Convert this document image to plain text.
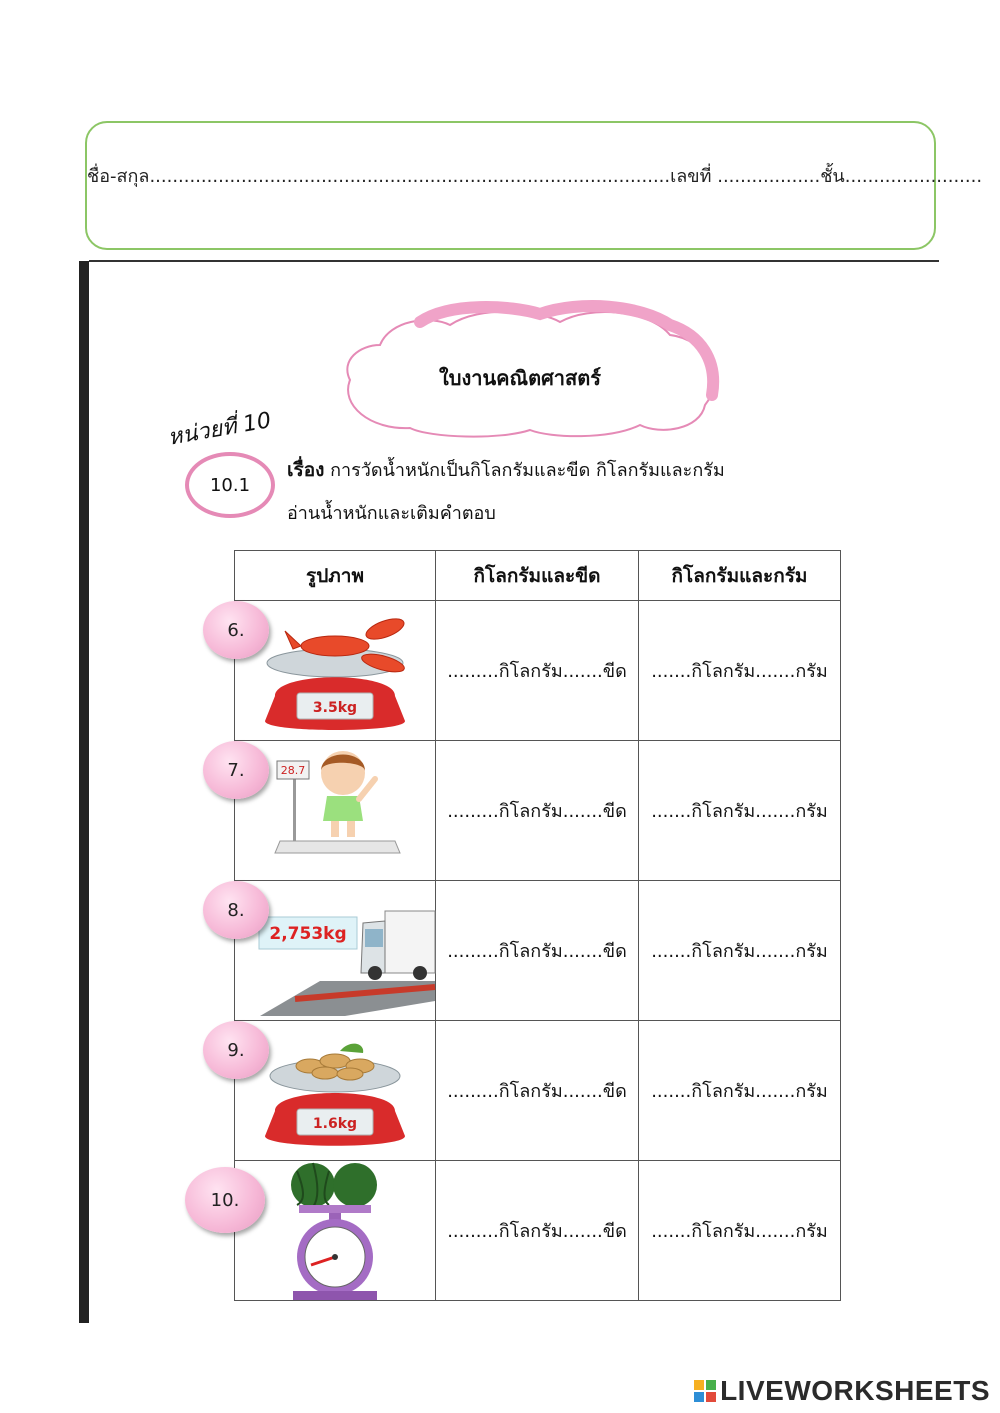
ชื่อ-สกุล...........................................................................................เลขที่ ..................ชั้น........................
ใบงานคณิตศาสตร์
หน่วยที่ 10
10.1
เรื่อง การวัดน้ำหนักเป็นกิโลกรัมและขีด กิโลกรัมและกรัม
อ่านน้ำหนักและเติมคำตอบ
รูปภาพ	กิโลกรัมและขีด	กิโลกรัมและกรัม

3.5kg
6.	.........กิโลกรัม.......ขีด	.......กิโลกรัม.......กรัม

28.7
7.	.........กิโลกรัม.......ขีด	.......กิโลกรัม.......กรัม

2,753kg
8.	.........กิโลกรัม.......ขีด	.......กิโลกรัม.......กรัม

1.6kg
9.	.........กิโลกรัม.......ขีด	.......กิโลกรัม.......กรัม

10.	.........กิโลกรัม.......ขีด	.......กิโลกรัม.......กรัม
LIVEWORKSHEETS
